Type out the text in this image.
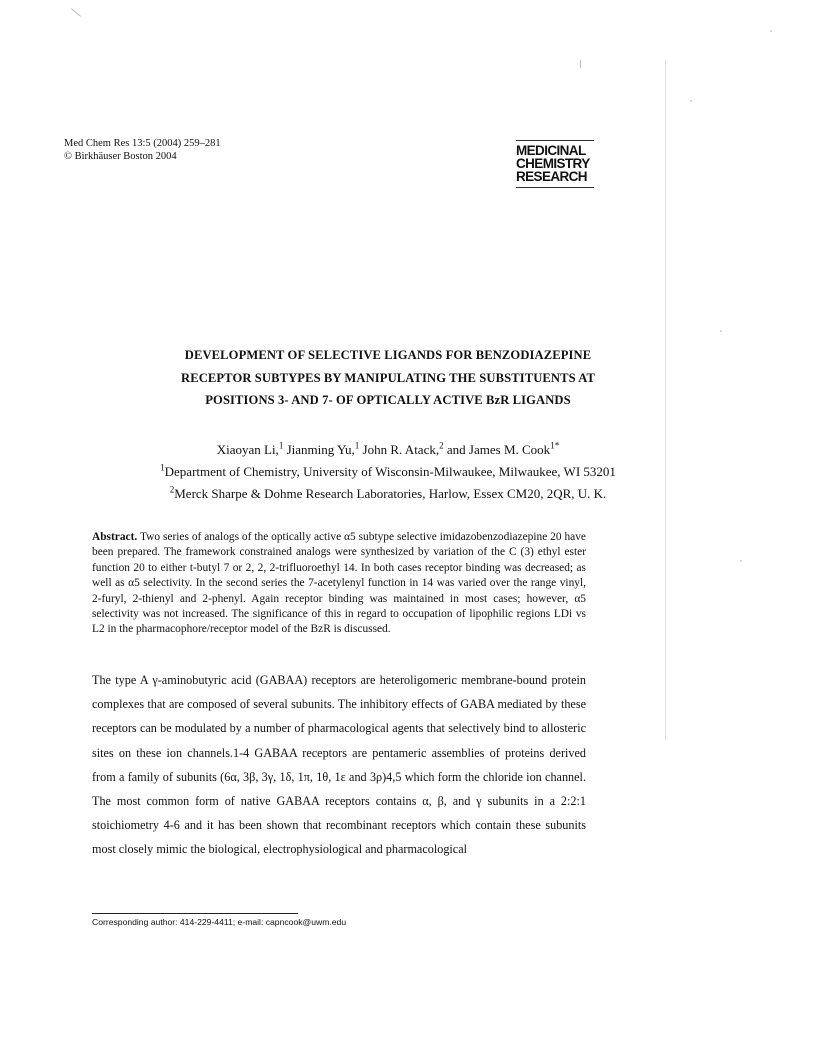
Med Chem Res 13:5 (2004) 259–281
© Birkhäuser Boston 2004	MEDICINAL
CHEMISTRY
RESEARCH
DEVELOPMENT OF SELECTIVE LIGANDS FOR BENZODIAZEPINE
RECEPTOR SUBTYPES BY MANIPULATING THE SUBSTITUENTS AT
POSITIONS 3- AND 7- OF OPTICALLY ACTIVE BzR LIGANDS
Xiaoyan Li,$^1$ Jianming Yu,$^1$ John R. Atack,$^2$ and James M. Cook$^{1*}$
$^1$Department of Chemistry, University of Wisconsin-Milwaukee, Milwaukee, WI 53201
$^2$Merck Sharpe & Dohme Research Laboratories, Harlow, Essex CM20, 2QR, U. K.
Abstract. Two series of analogs of the optically active α5 subtype selective imidazobenzodiazepine 20 have been prepared. The framework constrained analogs were synthesized by variation of the C (3) ethyl ester function 20 to either t-butyl 7 or 2, 2, 2-trifluoroethyl 14. In both cases receptor binding was decreased; as well as α5 selectivity. In the second series the 7-acetylenyl function in 14 was varied over the range vinyl, 2-furyl, 2-thienyl and 2-phenyl. Again receptor binding was maintained in most cases; however, α5 selectivity was not increased. The significance of this in regard to occupation of lipophilic regions LDi vs L2 in the pharmacophore/receptor model of the BzR is discussed.
The type A γ-aminobutyric acid (GABAA) receptors are heteroligomeric membrane-bound protein complexes that are composed of several subunits. The inhibitory effects of GABA mediated by these receptors can be modulated by a number of pharmacological agents that selectively bind to allosteric sites on these ion channels.1-4 GABAA receptors are pentameric assemblies of proteins derived from a family of subunits (6α, 3β, 3γ, 1δ, 1π, 1θ, 1ε and 3ρ)4,5 which form the chloride ion channel. The most common form of native GABAA receptors contains α, β, and γ subunits in a 2:2:1 stoichiometry 4-6 and it has been shown that recombinant receptors which contain these subunits most closely mimic the biological, electrophysiological and pharmacological
Corresponding author: 414-229-4411; e-mail: capncook@uwm.edu
